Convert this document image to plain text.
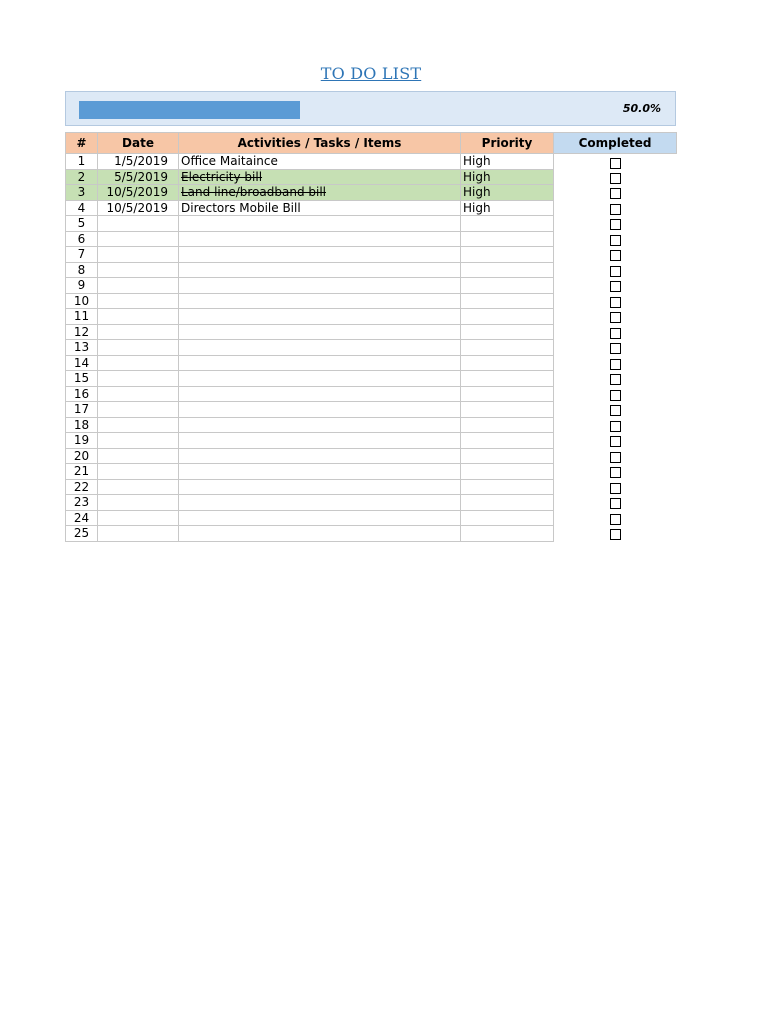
TO DO LIST
50.0%
#	Date	Activities / Tasks / Items	Priority	Completed
1	1/5/2019	Office Maitaince	High	
2	5/5/2019	Electricity bill	High	
3	10/5/2019	Land line/broadband bill	High	
4	10/5/2019	Directors Mobile Bill	High	
5				
6				
7				
8				
9				
10				
11				
12				
13				
14				
15				
16				
17				
18				
19				
20				
21				
22				
23				
24				
25				
